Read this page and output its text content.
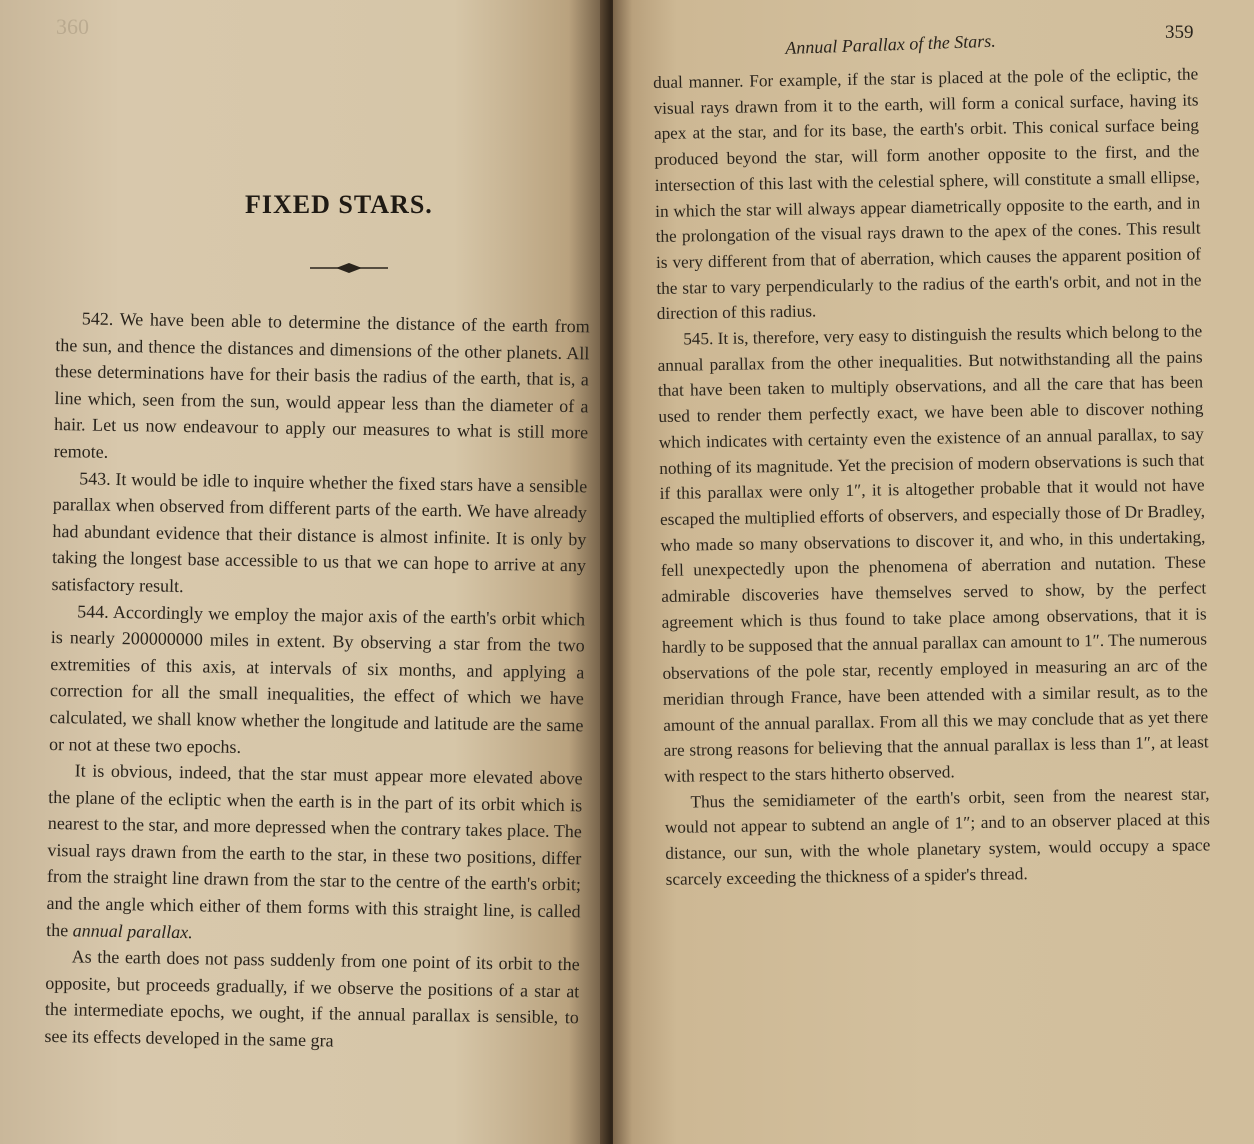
360
FIXED STARS.

542. We have been able to determine the distance of the earth from the sun, and thence the distances and dimensions of the other planets. All these determinations have for their basis the radius of the earth, that is, a line which, seen from the sun, would appear less than the diameter of a hair. Let us now endeavour to apply our measures to what is still more remote.

543. It would be idle to inquire whether the fixed stars have a sensible parallax when observed from different parts of the earth. We have already had abundant evidence that their distance is almost infinite. It is only by taking the longest base accessible to us that we can hope to arrive at any satisfactory result.

544. Accordingly we employ the major axis of the earth's orbit which is nearly 200000000 miles in extent. By observing a star from the two extremities of this axis, at intervals of six months, and applying a correction for all the small inequalities, the effect of which we have calculated, we shall know whether the longitude and latitude are the same or not at these two epochs.

It is obvious, indeed, that the star must appear more elevated above the plane of the ecliptic when the earth is in the part of its orbit which is nearest to the star, and more depressed when the contrary takes place. The visual rays drawn from the earth to the star, in these two positions, differ from the straight line drawn from the star to the centre of the earth's orbit; and the angle which either of them forms with this straight line, is called the annual parallax.

As the earth does not pass suddenly from one point of its orbit to the opposite, but proceeds gradually, if we observe the positions of a star at the intermediate epochs, we ought, if the annual parallax is sensible, to see its effects developed in the same gra

359
Annual Parallax of the Stars.

dual manner. For example, if the star is placed at the pole of the ecliptic, the visual rays drawn from it to the earth, will form a conical surface, having its apex at the star, and for its base, the earth's orbit. This conical surface being produced beyond the star, will form another opposite to the first, and the intersection of this last with the celestial sphere, will constitute a small ellipse, in which the star will always appear diametrically opposite to the earth, and in the prolongation of the visual rays drawn to the apex of the cones. This result is very different from that of aberration, which causes the apparent position of the star to vary perpendicularly to the radius of the earth's orbit, and not in the direction of this radius.

545. It is, therefore, very easy to distinguish the results which belong to the annual parallax from the other inequalities. But notwithstanding all the pains that have been taken to multiply observations, and all the care that has been used to render them perfectly exact, we have been able to discover nothing which indicates with certainty even the existence of an annual parallax, to say nothing of its magnitude. Yet the precision of modern observations is such that if this parallax were only 1″, it is altogether probable that it would not have escaped the multiplied efforts of observers, and especially those of Dr Bradley, who made so many observations to discover it, and who, in this undertaking, fell unexpectedly upon the phenomena of aberration and nutation. These admirable discoveries have themselves served to show, by the perfect agreement which is thus found to take place among observations, that it is hardly to be supposed that the annual parallax can amount to 1″. The numerous observations of the pole star, recently employed in measuring an arc of the meridian through France, have been attended with a similar result, as to the amount of the annual parallax. From all this we may conclude that as yet there are strong reasons for believing that the annual parallax is less than 1″, at least with respect to the stars hitherto observed.

Thus the semidiameter of the earth's orbit, seen from the nearest star, would not appear to subtend an angle of 1″; and to an observer placed at this distance, our sun, with the whole planetary system, would occupy a space scarcely exceeding the thickness of a spider's thread.
